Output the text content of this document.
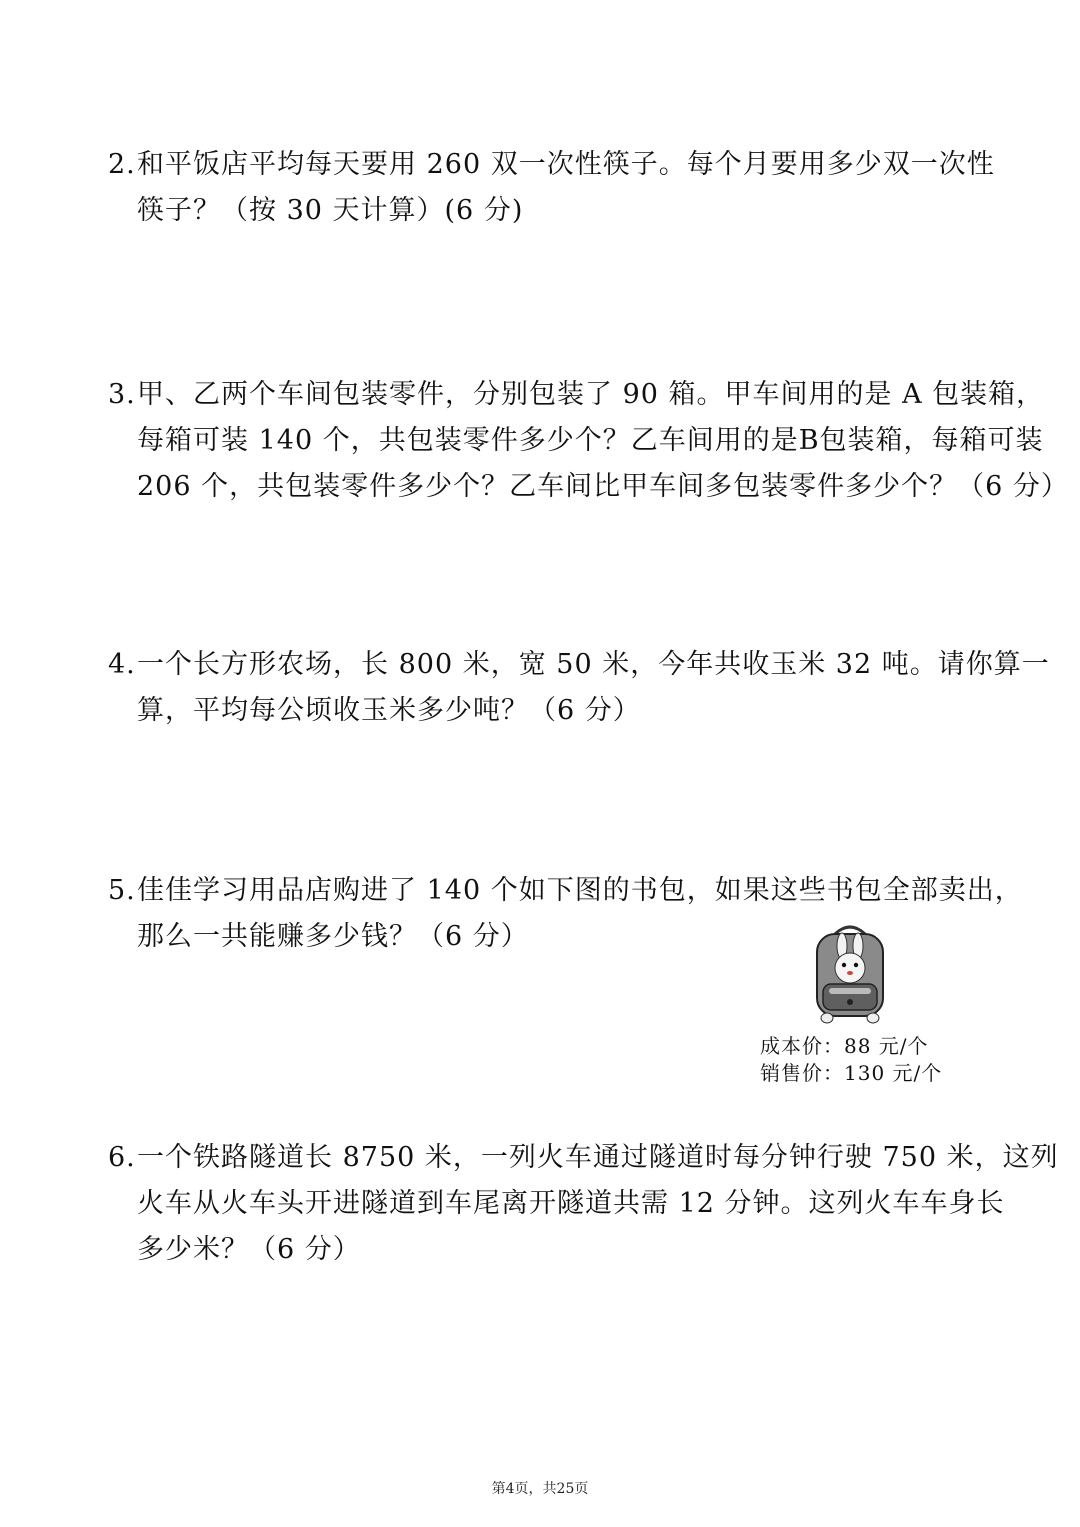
2.和平饭店平均每天要用 260 双一次性筷子。每个月要用多少双一次性
筷子？（按 30 天计算）(6 分)
3.甲、乙两个车间包装零件，分别包装了 90 箱。甲车间用的是 A 包装箱，
每箱可装 140 个，共包装零件多少个？乙车间用的是B包装箱，每箱可装
206 个，共包装零件多少个？乙车间比甲车间多包装零件多少个？（6 分）
4.一个长方形农场，长 800 米，宽 50 米，今年共收玉米 32 吨。请你算一
算，平均每公顷收玉米多少吨？（6 分）
5.佳佳学习用品店购进了 140 个如下图的书包，如果这些书包全部卖出，
那么一共能赚多少钱？（6 分）
成本价：88 元/个
销售价：130 元/个
6.一个铁路隧道长 8750 米，一列火车通过隧道时每分钟行驶 750 米，这列
火车从火车头开进隧道到车尾离开隧道共需 12 分钟。这列火车车身长
多少米？（6 分）
第4页，共25页
